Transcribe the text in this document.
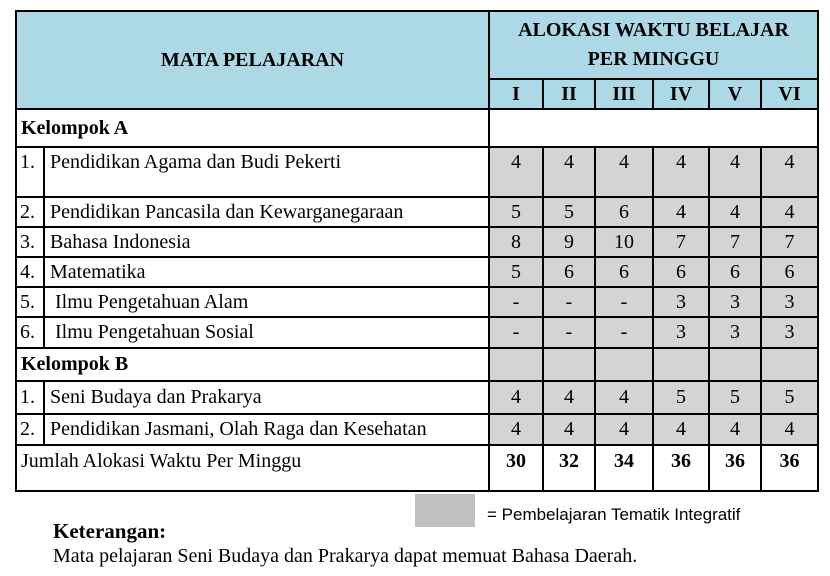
MATA PELAJARAN		ALOKASI WAKTU BELAJAR
PER MINGGU					

		I	II	III	IV	V	VI
Kelompok A							
1.	Pendidikan Agama dan Budi Pekerti	4	4	4	4	4	4
2.	Pendidikan Pancasila dan Kewarganegaraan	5	5	6	4	4	4
3.	Bahasa Indonesia	8	9	10	7	7	7
4.	Matematika	5	6	6	6	6	6
5.	Ilmu Pengetahuan Alam	-	-	-	3	3	3
6.	Ilmu Pengetahuan Sosial	-	-	-	3	3	3
Kelompok B							
1.	Seni Budaya dan Prakarya	4	4	4	5	5	5
2.	Pendidikan Jasmani, Olah Raga dan Kesehatan	4	4	4	4	4	4
Jumlah Alokasi Waktu Per Minggu		30	32	34	36	36	36
= Pembelajaran Tematik Integratif
Keterangan:
Mata pelajaran Seni Budaya dan Prakarya dapat memuat Bahasa Daerah.
